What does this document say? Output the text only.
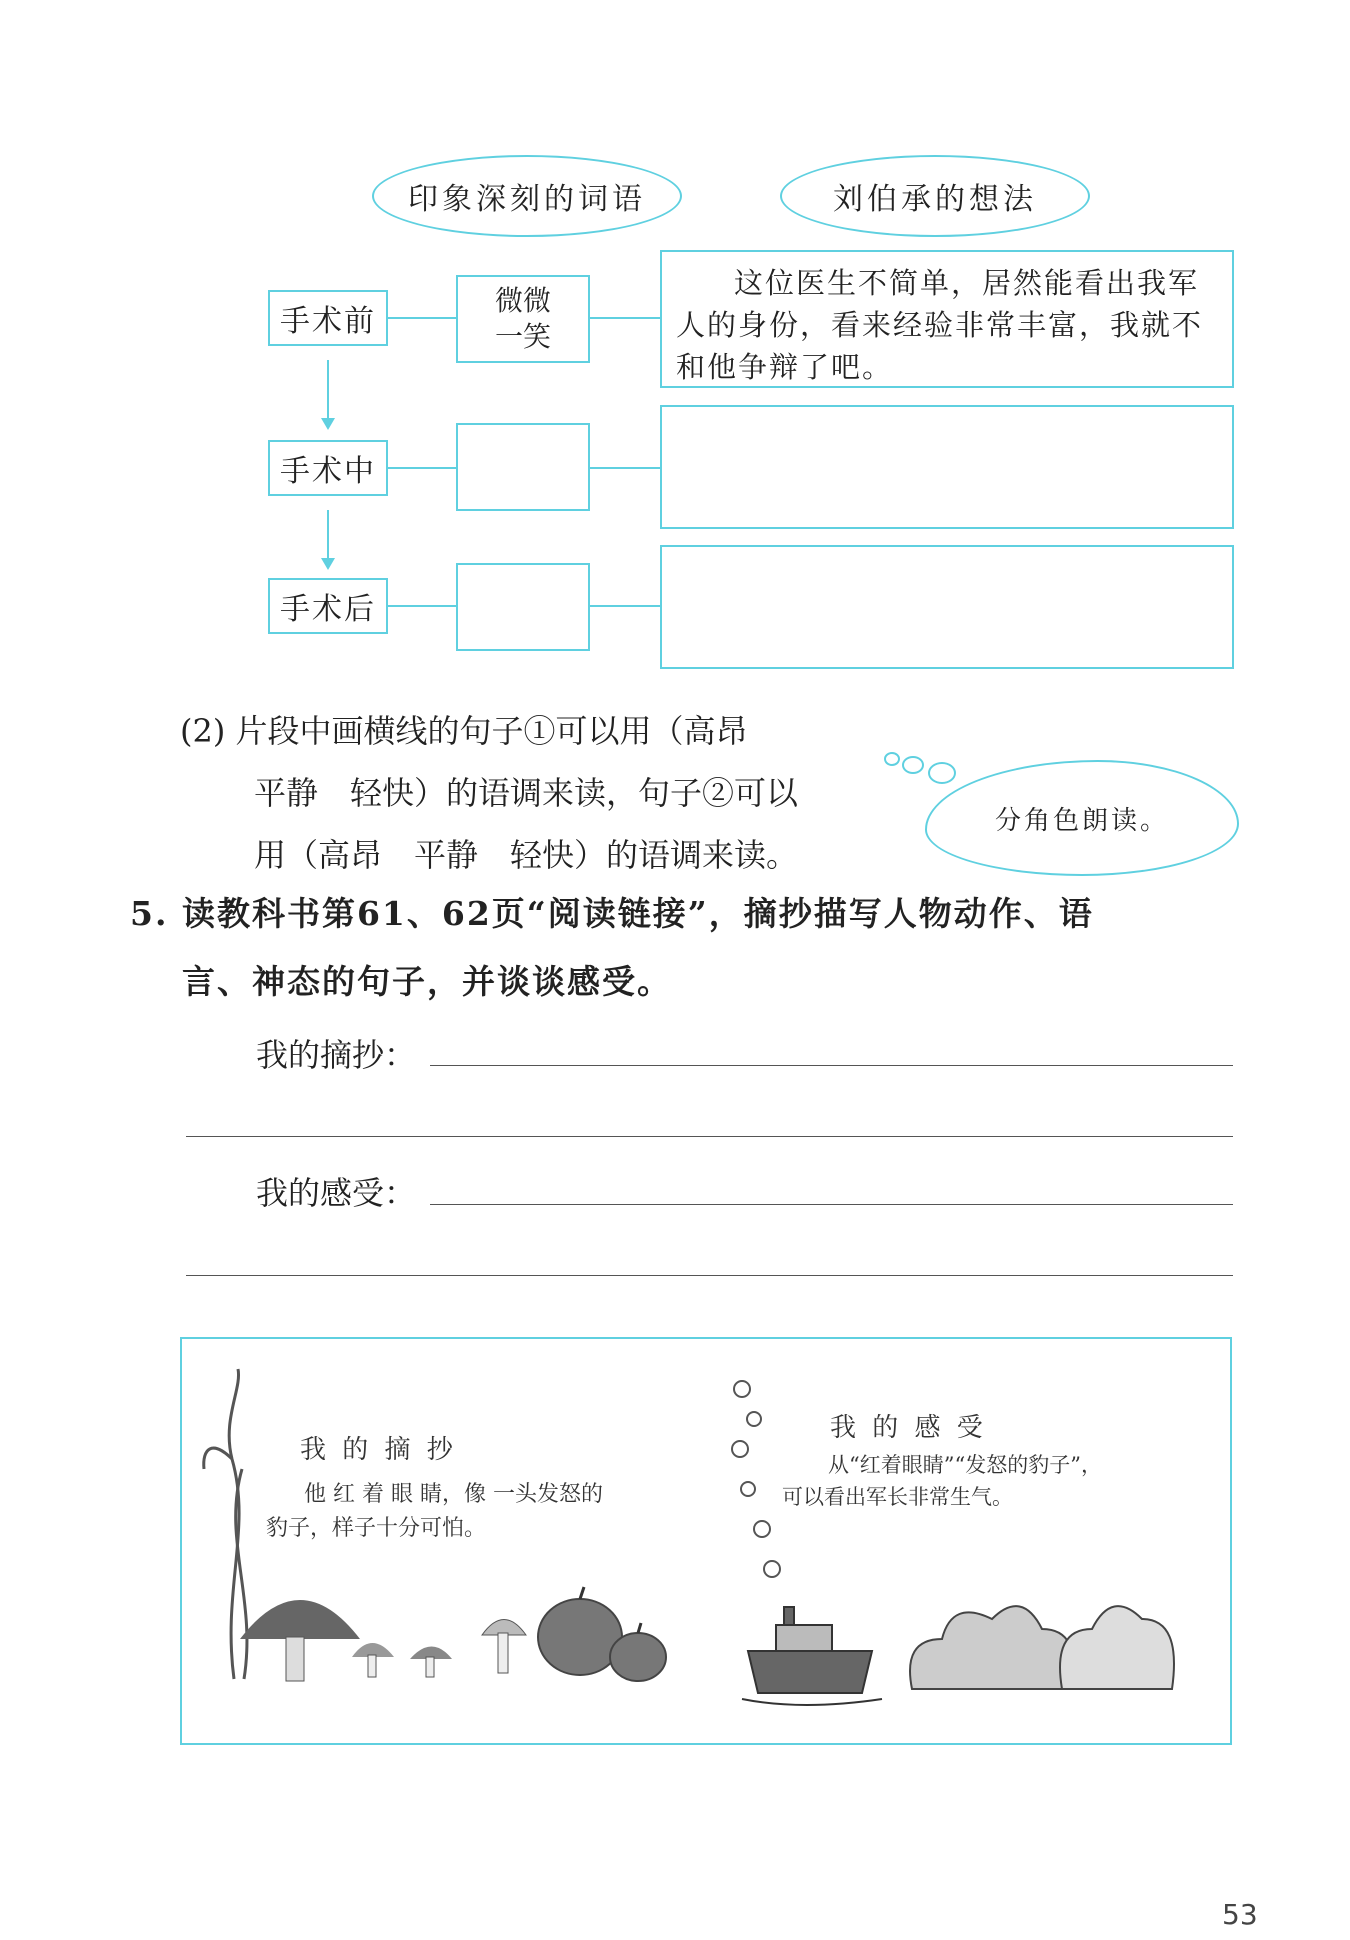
印象深刻的词语	刘伯承的想法
手术前
微微
一笑
这位医生不简单，居然能看出我军人的身份，看来经验非常丰富，我就不和他争辩了吧。
手术中
手术后
(2) 片段中画横线的句子①可以用（高昂
平静　轻快）的语调来读，句子②可以
用（高昂　平静　轻快）的语调来读。
分角色朗读。
5. 读教科书第61、62页“阅读链接”，摘抄描写人物动作、语
言、神态的句子，并谈谈感受。
我的摘抄：
我的感受：
我 的 摘 抄
他 红 着 眼 睛，像 一头发怒的
豹子，样子十分可怕。
我 的 感 受
从“红着眼睛”“发怒的豹子”，
可以看出军长非常生气。
53
